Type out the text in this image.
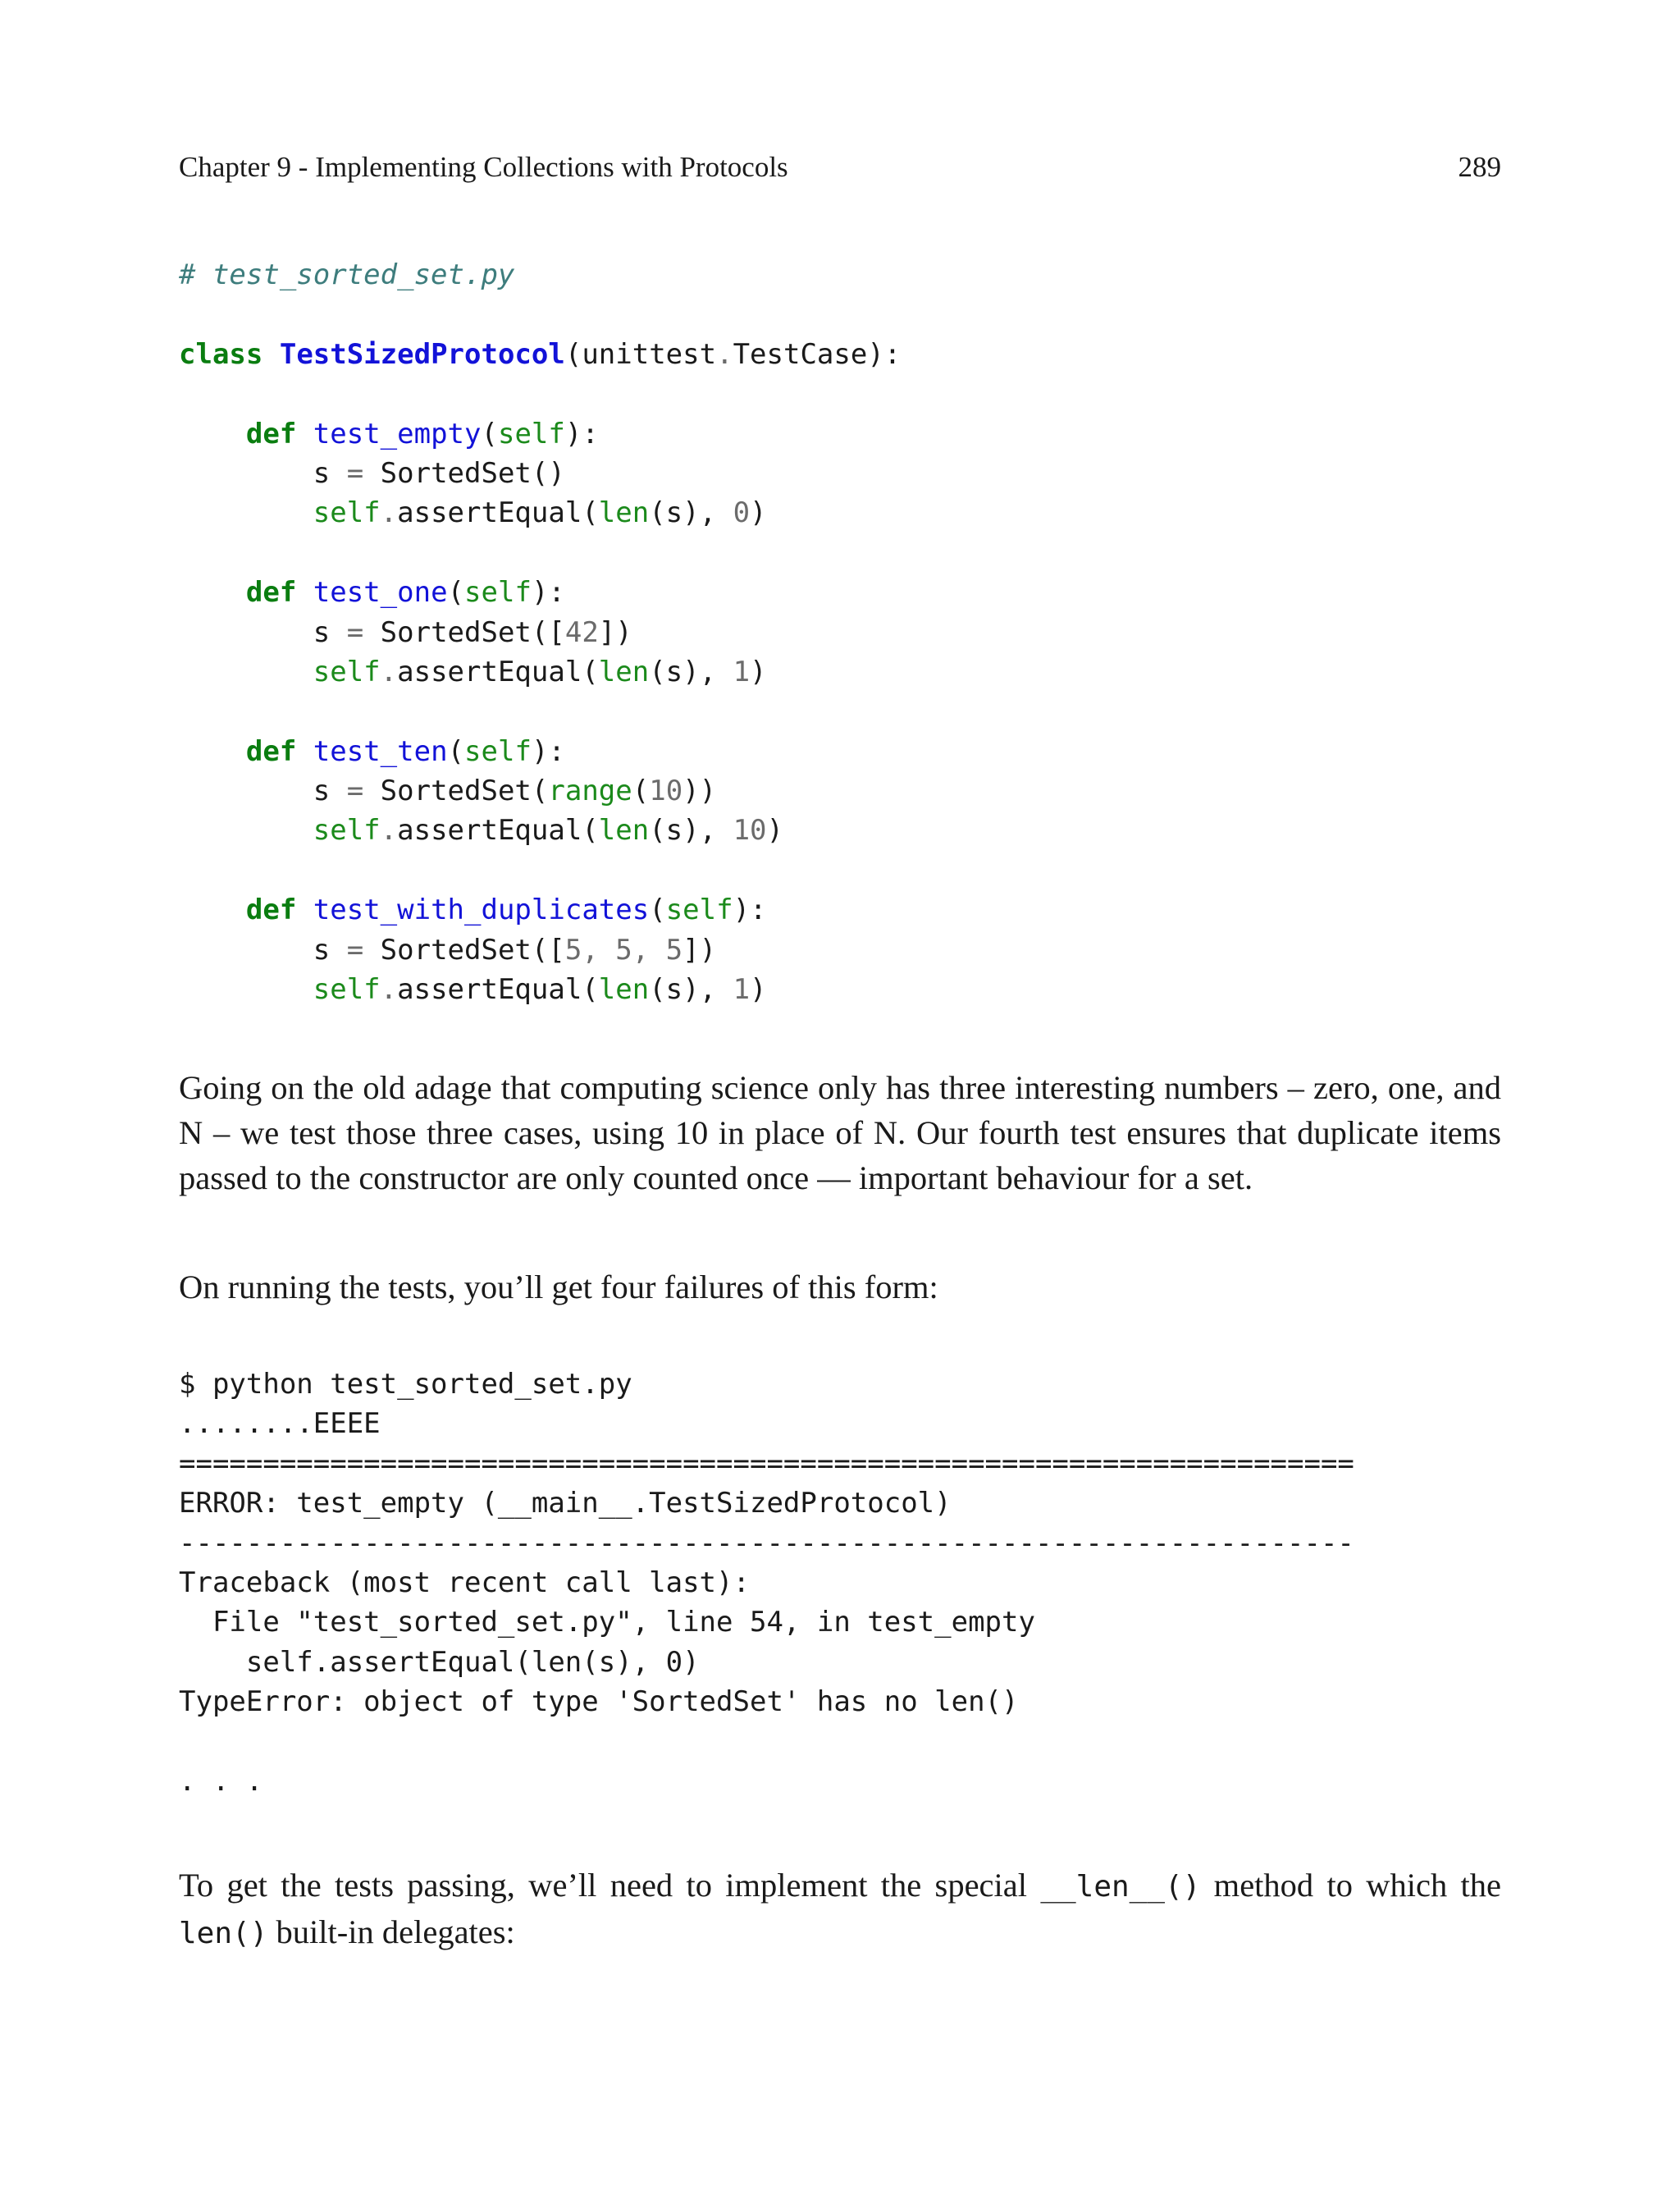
Chapter 9 - Implementing Collections with Protocols	289
# test_sorted_set.py

class TestSizedProtocol(unittest.TestCase):

def test_empty(self):
s = SortedSet()
self.assertEqual(len(s), 0)

def test_one(self):
s = SortedSet([42])
self.assertEqual(len(s), 1)

def test_ten(self):
s = SortedSet(range(10))
self.assertEqual(len(s), 10)

def test_with_duplicates(self):
s = SortedSet([5, 5, 5])
self.assertEqual(len(s), 1)

Going on the old adage that computing science only has three interesting numbers – zero, one, and N – we test those three cases, using 10 in place of N. Our fourth test ensures that duplicate items passed to the constructor are only counted once — important behaviour for a set.

On running the tests, you’ll get four failures of this form:

$ python test_sorted_set.py
........EEEE
======================================================================
ERROR: test_empty (__main__.TestSizedProtocol)
----------------------------------------------------------------------
Traceback (most recent call last):
File "test_sorted_set.py", line 54, in test_empty
self.assertEqual(len(s), 0)
TypeError: object of type 'SortedSet' has no len()

. . .

To get the tests passing, we’ll need to implement the special __len__() method to which the len() built-in delegates:
